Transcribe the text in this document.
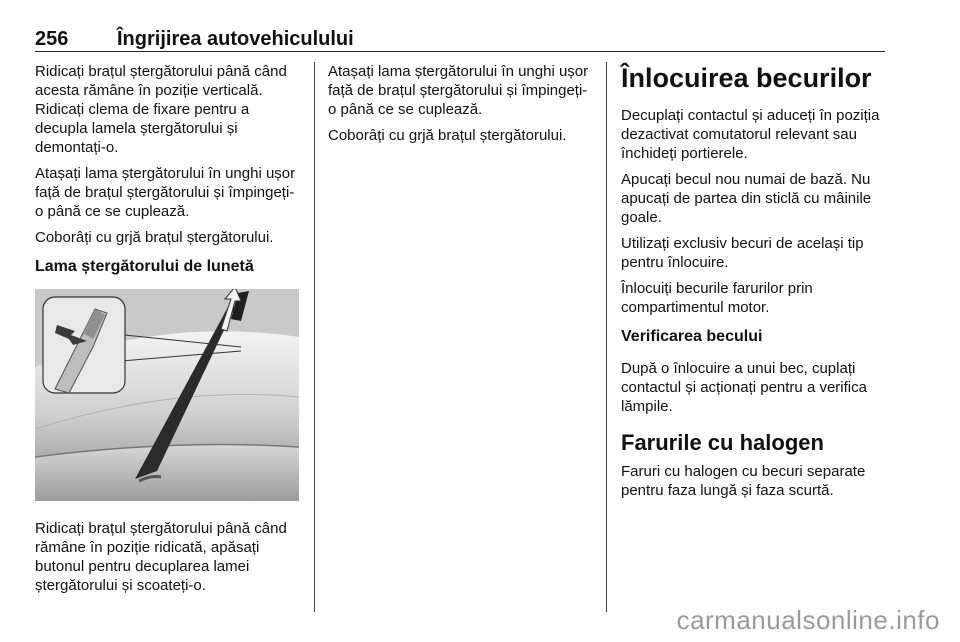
256 Îngrijirea autovehiculului

Ridicați brațul ștergătorului până când acesta rămâne în poziție verticală. Ridicați clema de fixare pentru a decupla lamela ștergătorului și demontați-o.

Atașați lama ștergătorului în unghi ușor față de brațul ștergătorului și împingeți-o până ce se cuplează.

Coborâți cu grjă brațul ștergătorului.

Lama ștergătorului de lunetă

Ridicați brațul ștergătorului până când rămâne în poziție ridicată, apăsați butonul pentru decuplarea lamei ștergătorului și scoateți-o.

Atașați lama ștergătorului în unghi ușor față de brațul ștergătorului și împingeți-o până ce se cuplează.

Coborâți cu grjă brațul ștergătorului.

Înlocuirea becurilor

Decuplați contactul și aduceți în poziția dezactivat comutatorul relevant sau închideți portierele.

Apucați becul nou numai de bază. Nu apucați de partea din sticlă cu mâinile goale.

Utilizați exclusiv becuri de același tip pentru înlocuire.

Înlocuiți becurile farurilor prin compartimentul motor.

Verificarea becului

După o înlocuire a unui bec, cuplați contactul și acționați pentru a verifica lămpile.

Farurile cu halogen

Faruri cu halogen cu becuri separate pentru faza lungă și faza scurtă.

carmanualsonline.info
